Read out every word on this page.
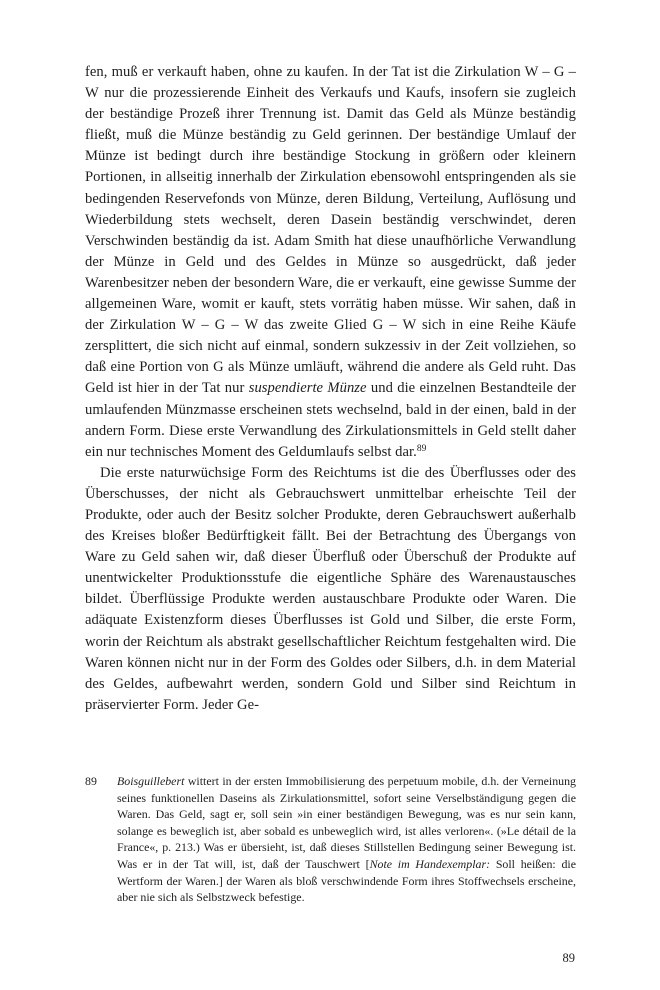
fen, muß er verkauft haben, ohne zu kaufen. In der Tat ist die Zirkulation W – G – W nur die prozessierende Einheit des Verkaufs und Kaufs, insofern sie zugleich der beständige Prozeß ihrer Trennung ist. Damit das Geld als Münze beständig fließt, muß die Münze beständig zu Geld gerinnen. Der beständige Umlauf der Münze ist bedingt durch ihre beständige Stockung in größern oder kleinern Portionen, in allseitig innerhalb der Zirkulation ebensowohl entspringenden als sie bedingenden Reservefonds von Münze, deren Bildung, Verteilung, Auflösung und Wiederbildung stets wechselt, deren Dasein beständig verschwindet, deren Verschwinden beständig da ist. Adam Smith hat diese unaufhörliche Verwandlung der Münze in Geld und des Geldes in Münze so ausgedrückt, daß jeder Warenbesitzer neben der besondern Ware, die er verkauft, eine gewisse Summe der allgemeinen Ware, womit er kauft, stets vorrätig haben müsse. Wir sahen, daß in der Zirkulation W – G – W das zweite Glied G – W sich in eine Reihe Käufe zersplittert, die sich nicht auf einmal, sondern sukzessiv in der Zeit vollziehen, so daß eine Portion von G als Münze umläuft, während die andere als Geld ruht. Das Geld ist hier in der Tat nur suspendierte Münze und die einzelnen Bestandteile der umlaufenden Münzmasse erscheinen stets wechselnd, bald in der einen, bald in der andern Form. Diese erste Verwandlung des Zirkulationsmittels in Geld stellt daher ein nur technisches Moment des Geldumlaufs selbst dar.$^{89}$

Die erste naturwüchsige Form des Reichtums ist die des Überflusses oder des Überschusses, der nicht als Gebrauchswert unmittelbar erheischte Teil der Produkte, oder auch der Besitz solcher Produkte, deren Gebrauchswert außerhalb des Kreises bloßer Bedürftigkeit fällt. Bei der Betrachtung des Übergangs von Ware zu Geld sahen wir, daß dieser Überfluß oder Überschuß der Produkte auf unentwickelter Produktionsstufe die eigentliche Sphäre des Warenaustausches bildet. Überflüssige Produkte werden austauschbare Produkte oder Waren. Die adäquate Existenzform dieses Überflusses ist Gold und Silber, die erste Form, worin der Reichtum als abstrakt gesellschaftlicher Reichtum festgehalten wird. Die Waren können nicht nur in der Form des Goldes oder Silbers, d.h. in dem Material des Geldes, aufbewahrt werden, sondern Gold und Silber sind Reichtum in präservierter Form. Jeder Ge-

89	Boisguillebert wittert in der ersten Immobilisierung des perpetuum mobile, d.h. der Verneinung seines funktionellen Daseins als Zirkulationsmittel, sofort seine Verselbständigung gegen die Waren. Das Geld, sagt er, soll sein »in einer beständigen Bewegung, was es nur sein kann, solange es beweglich ist, aber sobald es unbeweglich wird, ist alles verloren«. (»Le détail de la France«, p. 213.) Was er übersieht, ist, daß dieses Stillstellen Bedingung seiner Bewegung ist. Was er in der Tat will, ist, daß der Tauschwert [Note im Handexemplar: Soll heißen: die Wertform der Waren.] der Waren als bloß verschwindende Form ihres Stoffwechsels erscheine, aber nie sich als Selbstzweck befestige.
89
